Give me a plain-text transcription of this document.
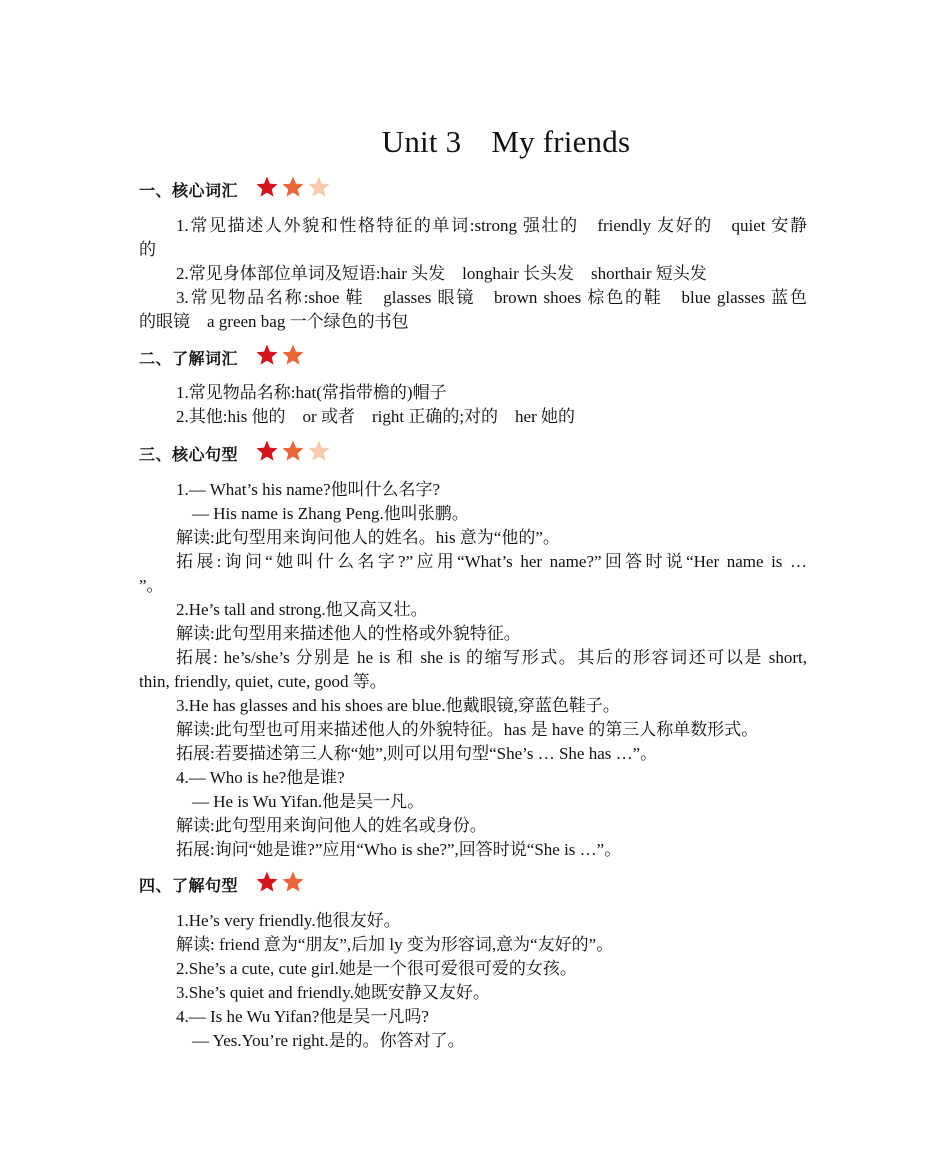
Unit 3 My friends
一、核心词汇
1.常见描述人外貌和性格特征的单词:strong 强壮的　friendly 友好的　quiet 安静
的
2.常见身体部位单词及短语:hair 头发　longhair 长头发　shorthair 短头发
3.常见物品名称:shoe 鞋　glasses 眼镜　brown shoes 棕色的鞋　blue glasses 蓝色
的眼镜　a green bag 一个绿色的书包
二、了解词汇
1.常见物品名称:hat(常指带檐的)帽子
2.其他:his 他的　or 或者　right 正确的;对的　her 她的
三、核心句型
1.— What’s his name?他叫什么名字?
— His name is Zhang Peng.他叫张鹏。
解读:此句型用来询问他人的姓名。his 意为“他的”。
拓展:询问“她叫什么名字?”应用“What’s her name?”回答时说“Her name is …
”。
2.He’s tall and strong.他又高又壮。
解读:此句型用来描述他人的性格或外貌特征。
拓展: he’s/she’s 分别是 he is 和 she is 的缩写形式。其后的形容词还可以是 short,
thin, friendly, quiet, cute, good 等。
3.He has glasses and his shoes are blue.他戴眼镜,穿蓝色鞋子。
解读:此句型也可用来描述他人的外貌特征。has 是 have 的第三人称单数形式。
拓展:若要描述第三人称“她”,则可以用句型“She’s … She has …”。
4.— Who is he?他是谁?
— He is Wu Yifan.他是吴一凡。
解读:此句型用来询问他人的姓名或身份。
拓展:询问“她是谁?”应用“Who is she?”,回答时说“She is …”。
四、了解句型
1.He’s very friendly.他很友好。
解读: friend 意为“朋友”,后加 ly 变为形容词,意为“友好的”。
2.She’s a cute, cute girl.她是一个很可爱很可爱的女孩。
3.She’s quiet and friendly.她既安静又友好。
4.— Is he Wu Yifan?他是吴一凡吗?
— Yes.You’re right.是的。你答对了。
